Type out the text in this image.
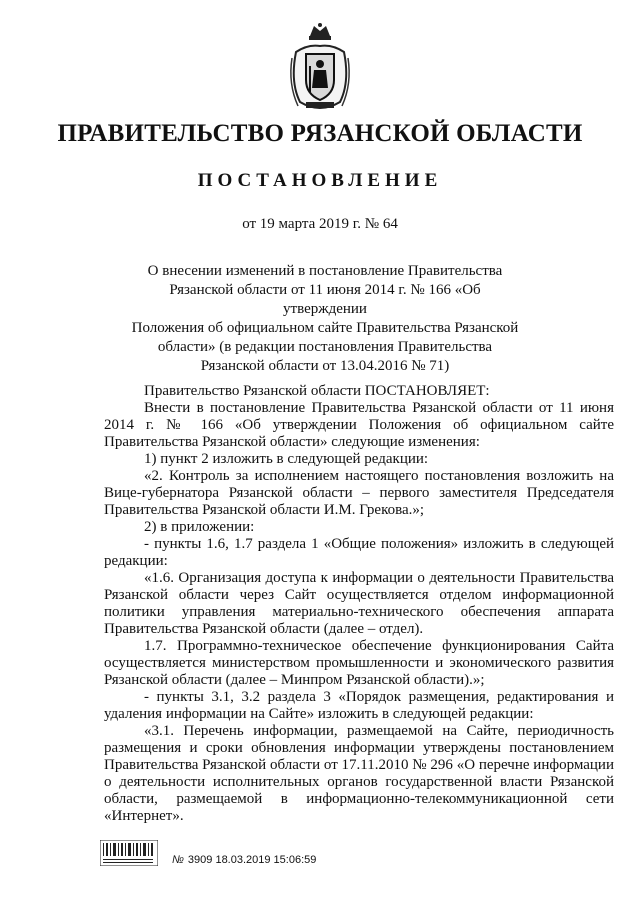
ПРАВИТЕЛЬСТВО РЯЗАНСКОЙ ОБЛАСТИ
ПОСТАНОВЛЕНИЕ
от 19 марта 2019 г. № 64
О внесении изменений в постановление Правительства
Рязанской области от 11 июня 2014 г. № 166 «Об утверждении
Положения об официальном сайте Правительства Рязанской
области» (в редакции постановления Правительства
Рязанской области от 13.04.2016 № 71)

Правительство Рязанской области ПОСТАНОВЛЯЕТ:

Внести в постановление Правительства Рязанской области от 11 июня 2014 г. № 166 «Об утверждении Положения об официальном сайте Правительства Рязанской области» следующие изменения:

1) пункт 2 изложить в следующей редакции:

«2. Контроль за исполнением настоящего постановления возложить на Вице-губернатора Рязанской области – первого заместителя Председателя Правительства Рязанской области И.М. Грекова.»;

2) в приложении:

- пункты 1.6, 1.7 раздела 1 «Общие положения» изложить в следующей редакции:

«1.6. Организация доступа к информации о деятельности Правительства Рязанской области через Сайт осуществляется отделом информационной политики управления материально-технического обеспечения аппарата Правительства Рязанской области (далее – отдел).

1.7. Программно-техническое обеспечение функционирования Сайта осуществляется министерством промышленности и экономического развития Рязанской области (далее – Минпром Рязанской области).»;

- пункты 3.1, 3.2 раздела 3 «Порядок размещения, редактирования и удаления информации на Сайте» изложить в следующей редакции:

«3.1. Перечень информации, размещаемой на Сайте, периодичность размещения и сроки обновления информации утверждены постановлением Правительства Рязанской области от 17.11.2010 № 296 «О перечне информации о деятельности исполнительных органов государственной власти Рязанской области, размещаемой в информационно-телекоммуникационной сети «Интернет».

№ 3909 18.03.2019 15:06:59
